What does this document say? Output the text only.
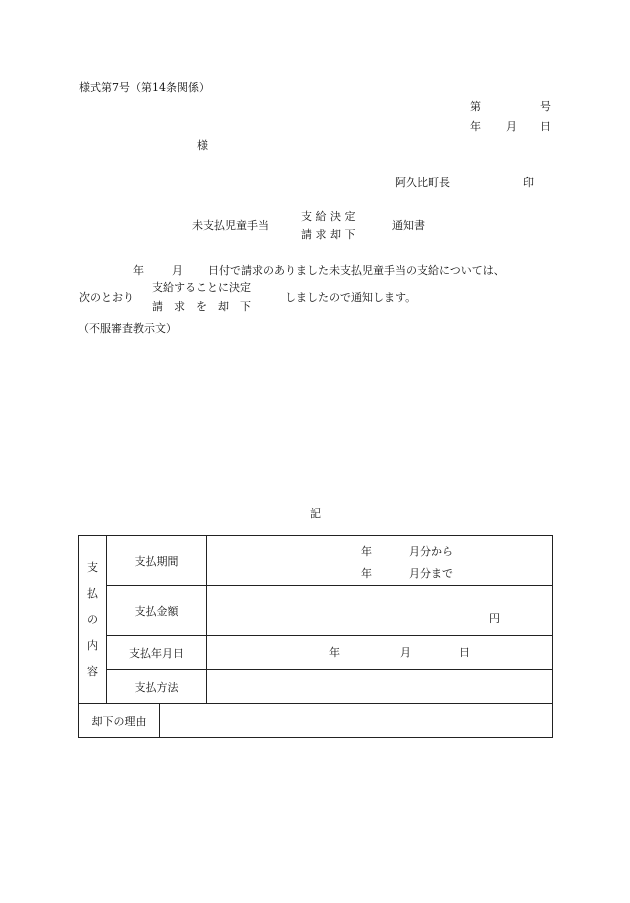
様式第7号（第14条関係）
第	号
年 月 日
様
阿久比町長	印
未支払児童手当
支 給 決 定
請 求 却 下
通知書
年	月 日付で請求のありました未支払児童手当の支給については、
次のとおり
支給することに決定
請　求　を　却　下
しましたので通知します。
（不服審査教示文）
記
支
払
の
内
容	支払期間		年 月分から
年 月分まで

	支払金額		円

	支払年月日		年 月 日

	支払方法		
却下の理由			
